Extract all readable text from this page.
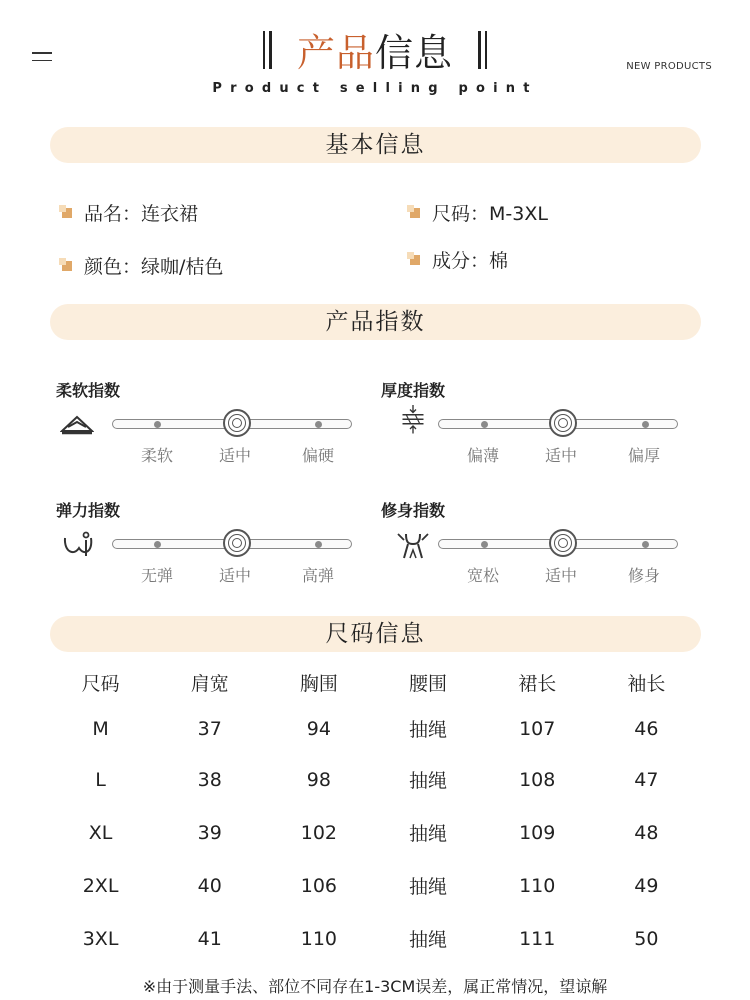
产品信息
Product selling point
NEW PRODUCTS
基本信息
品名：连衣裙	尺码：M-3XL
颜色：绿咖/桔色	成分：棉
产品指数
柔软指数
柔软	适中	偏硬
厚度指数
偏薄	适中	偏厚
弹力指数
无弹	适中	高弹
修身指数
宽松	适中	修身
尺码信息
尺码	肩宽	胸围	腰围	裙长	袖长
M	37	94	抽绳	107	46
L	38	98	抽绳	108	47
XL	39	102	抽绳	109	48
2XL	40	106	抽绳	110	49
3XL	41	110	抽绳	111	50
※由于测量手法、部位不同存在1-3CM误差，属正常情况，望谅解
